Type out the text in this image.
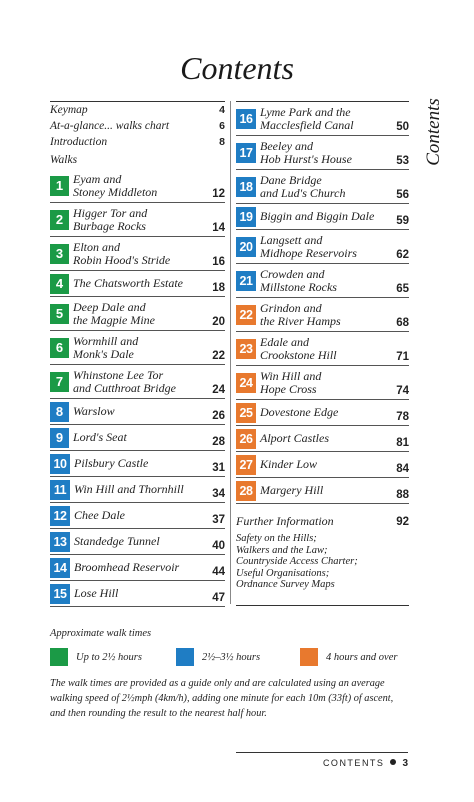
Contents
Contents
Keymap	4
At-a-glance... walks chart	6
Introduction	8
Walks
1 Eyam and
Stoney Middleton	12
2 Higger Tor and
Burbage Rocks	14
3 Elton and
Robin Hood's Stride	16
4 The Chatsworth Estate	18
5 Deep Dale and
the Magpie Mine	20
6 Wormhill and
Monk's Dale	22
7 Whinstone Lee Tor
and Cutthroat Bridge	24
8 Warslow	26
9 Lord's Seat	28
10 Pilsbury Castle	31
11 Win Hill and Thornhill	34
12 Chee Dale	37
13 Standedge Tunnel	40
14 Broomhead Reservoir	44
15 Lose Hill	47
16 Lyme Park and the
Macclesfield Canal	50
17 Beeley and
Hob Hurst's House	53
18 Dane Bridge
and Lud's Church	56
19 Biggin and Biggin Dale	59
20 Langsett and
Midhope Reservoirs	62
21 Crowden and
Millstone Rocks	65
22 Grindon and
the River Hamps	68
23 Edale and
Crookstone Hill	71
24 Win Hill and
Hope Cross	74
25 Dovestone Edge	78
26 Alport Castles	81
27 Kinder Low	84
28 Margery Hill	88
Further Information	92
Safety on the Hills;
Walkers and the Law;
Countryside Access Charter;
Useful Organisations;
Ordnance Survey Maps
Approximate walk times
Up to 2½ hours	2½–3½ hours	4 hours and over
The walk times are provided as a guide only and are calculated using an average walking speed of 2½mph (4km/h), adding one minute for each 10m (33ft) of ascent, and then rounding the result to the nearest half hour.
CONTENTS 3
